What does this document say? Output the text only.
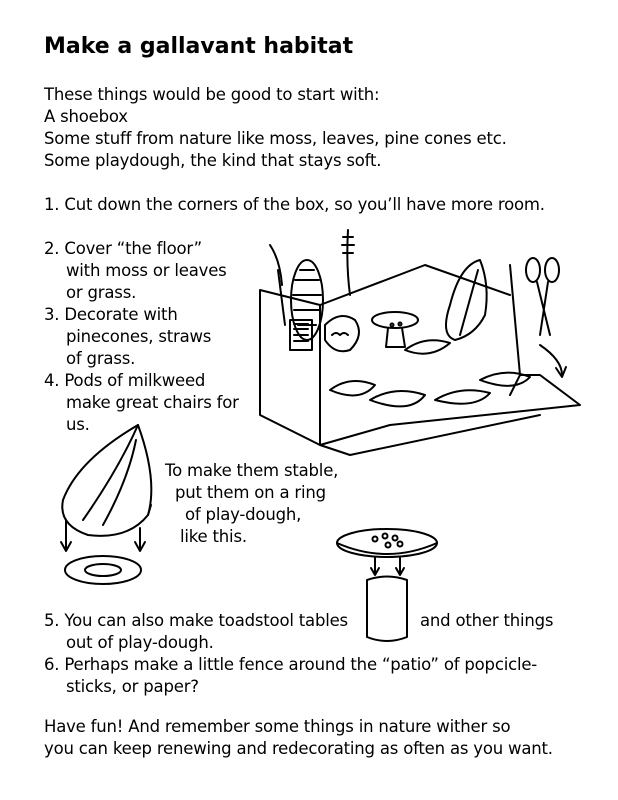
Make a gallavant habitat
These things would be good to start with:
A shoebox
Some stuff from nature like moss, leaves, pine cones etc.
Some playdough, the kind that stays soft.
1. Cut down the corners of the box, so you’ll have more room.
2. Cover “the floor”
with moss or leaves
or grass.
3. Decorate with
pinecones, straws
of grass.
4. Pods of milkweed
make great chairs for
us.
To make them stable,
put them on a ring
of play-dough,
like this.
5. You can also make toadstool tables	and other things
out of play-dough.
6. Perhaps make a little fence around the “patio” of popcicle-
sticks, or paper?
Have fun! And remember some things in nature wither so
you can keep renewing and redecorating as often as you want.
